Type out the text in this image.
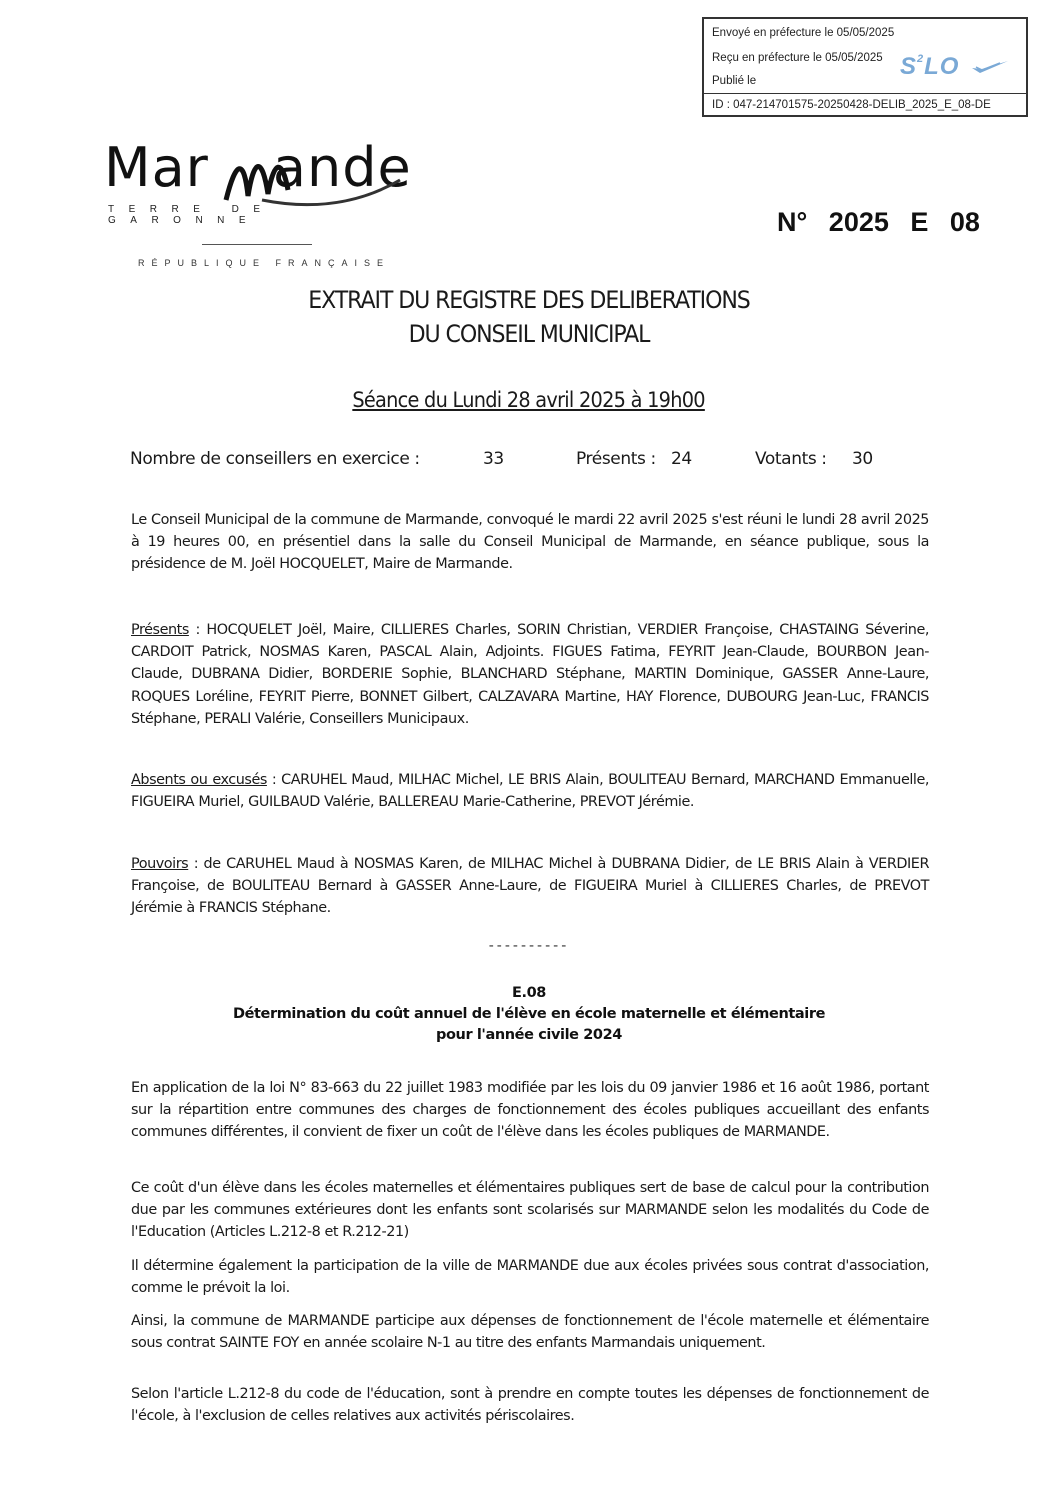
Envoyé en préfecture le 05/05/2025
Reçu en préfecture le 05/05/2025
Publié le
$S^2LO$
ID : 047-214701575-20250428-DELIB_2025_E_08-DE
Mar ande
TERRE DE GARONNE
RÉPUBLIQUE FRANÇAISE
N° 2025 E 08
EXTRAIT DU REGISTRE DES DELIBERATIONS
DU CONSEIL MUNICIPAL
Séance du Lundi 28 avril 2025 à 19h00
Nombre de conseillers en exercice :	33	Présents : 24	Votants : 30

Le Conseil Municipal de la commune de Marmande, convoqué le mardi 22 avril 2025 s'est réuni le lundi 28 avril 2025 à 19 heures 00, en présentiel dans la salle du Conseil Municipal de Marmande, en séance publique, sous la présidence de M. Joël HOCQUELET, Maire de Marmande.

Présents : HOCQUELET Joël, Maire, CILLIERES Charles, SORIN Christian, VERDIER Françoise, CHASTAING Séverine, CARDOIT Patrick, NOSMAS Karen, PASCAL Alain, Adjoints. FIGUES Fatima, FEYRIT Jean-Claude, BOURBON Jean-Claude, DUBRANA Didier, BORDERIE Sophie, BLANCHARD Stéphane, MARTIN Dominique, GASSER Anne-Laure, ROQUES Loréline, FEYRIT Pierre, BONNET Gilbert, CALZAVARA Martine, HAY Florence, DUBOURG Jean-Luc, FRANCIS Stéphane, PERALI Valérie, Conseillers Municipaux.

Absents ou excusés : CARUHEL Maud, MILHAC Michel, LE BRIS Alain, BOULITEAU Bernard, MARCHAND Emmanuelle, FIGUEIRA Muriel, GUILBAUD Valérie, BALLEREAU Marie-Catherine, PREVOT Jérémie.

Pouvoirs : de CARUHEL Maud à NOSMAS Karen, de MILHAC Michel à DUBRANA Didier, de LE BRIS Alain à VERDIER Françoise, de BOULITEAU Bernard à GASSER Anne-Laure, de FIGUEIRA Muriel à CILLIERES Charles, de PREVOT Jérémie à FRANCIS Stéphane.

----------
E.08
Détermination du coût annuel de l'élève en école maternelle et élémentaire
pour l'année civile 2024

En application de la loi N° 83-663 du 22 juillet 1983 modifiée par les lois du 09 janvier 1986 et 16 août 1986, portant sur la répartition entre communes des charges de fonctionnement des écoles publiques accueillant des enfants communes différentes, il convient de fixer un coût de l'élève dans les écoles publiques de MARMANDE.

Ce coût d'un élève dans les écoles maternelles et élémentaires publiques sert de base de calcul pour la contribution due par les communes extérieures dont les enfants sont scolarisés sur MARMANDE selon les modalités du Code de l'Education (Articles L.212-8 et R.212-21)

Il détermine également la participation de la ville de MARMANDE due aux écoles privées sous contrat d'association, comme le prévoit la loi.

Ainsi, la commune de MARMANDE participe aux dépenses de fonctionnement de l'école maternelle et élémentaire sous contrat SAINTE FOY en année scolaire N-1 au titre des enfants Marmandais uniquement.

Selon l'article L.212-8 du code de l'éducation, sont à prendre en compte toutes les dépenses de fonctionnement de l'école, à l'exclusion de celles relatives aux activités périscolaires.
